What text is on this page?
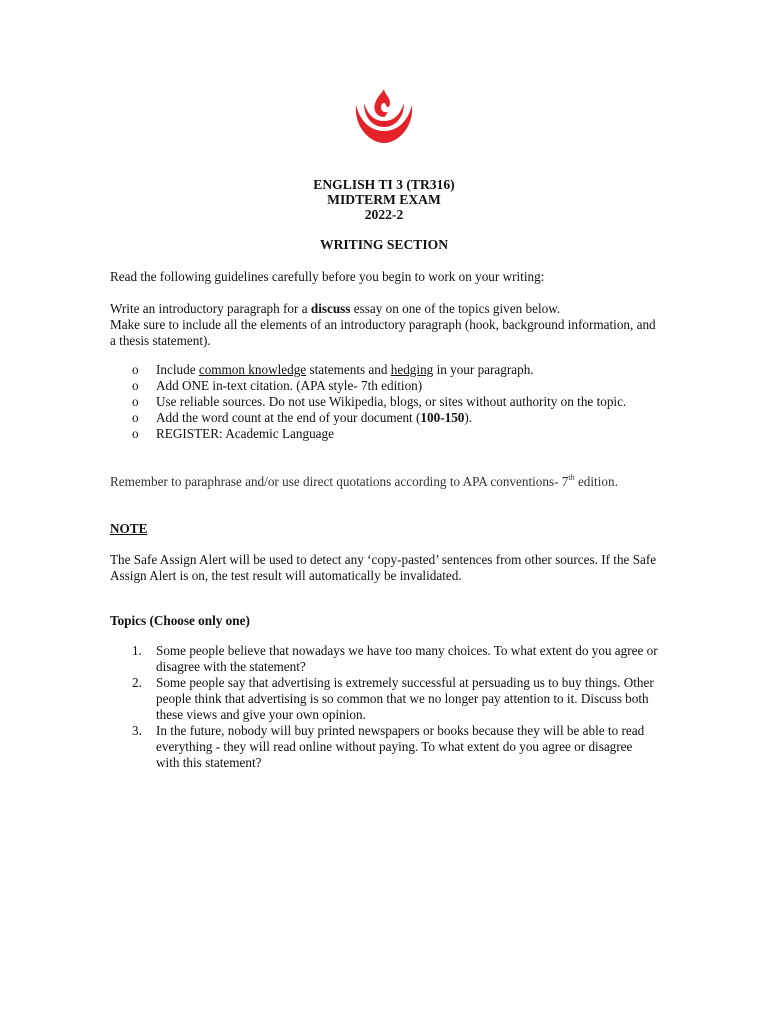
ENGLISH TI 3 (TR316)
MIDTERM EXAM
2022-2
WRITING SECTION
Read the following guidelines carefully before you begin to work on your writing:
Write an introductory paragraph for a discuss essay on one of the topics given below.
Make sure to include all the elements of an introductory paragraph (hook, background information, and a thesis statement).
o Include common knowledge statements and hedging in your paragraph.
o Add ONE in-text citation. (APA style- 7th edition)
o Use reliable sources. Do not use Wikipedia, blogs, or sites without authority on the topic.
o Add the word count at the end of your document (100-150).
o REGISTER: Academic Language
Remember to paraphrase and/or use direct quotations according to APA conventions- 7th edition.
NOTE
The Safe Assign Alert will be used to detect any ‘copy-pasted’ sentences from other sources. If the Safe Assign Alert is on, the test result will automatically be invalidated.
Topics (Choose only one)
1. Some people believe that nowadays we have too many choices. To what extent do you agree or disagree with the statement?
2. Some people say that advertising is extremely successful at persuading us to buy things. Other people think that advertising is so common that we no longer pay attention to it. Discuss both these views and give your own opinion.
3. In the future, nobody will buy printed newspapers or books because they will be able to read everything - they will read online without paying. To what extent do you agree or disagree with this statement?
